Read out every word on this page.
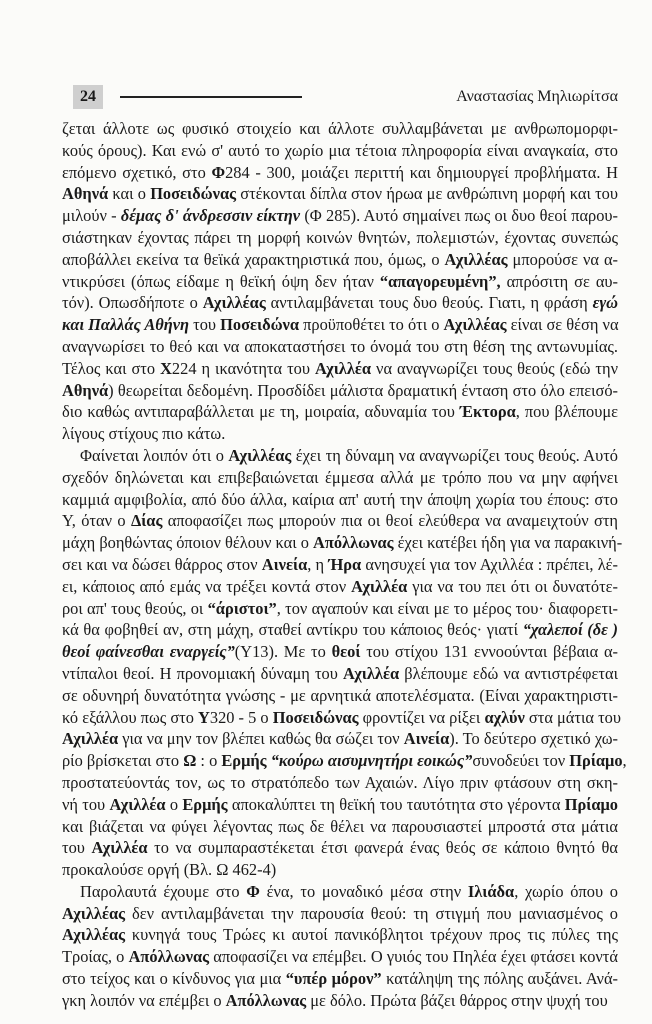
24	Αναστασίας Μηλιωρίτσα
ζεται άλλοτε ως φυσικό στοιχείο και άλλοτε συλλαμβάνεται με ανθρωπομορφι-
κούς όρους). Και ενώ σ' αυτό το χωρίο μια τέτοια πληροφορία είναι αναγκαία, στο
επόμενο σχετικό, στο Φ284 - 300, μοιάζει περιττή και δημιουργεί προβλήματα. Η
Αθηνά και ο Ποσειδώνας στέκονται δίπλα στον ήρωα με ανθρώπινη μορφή και του
μιλούν - δέμας δ' άνδρεσσιν είκτην (Φ 285). Αυτό σημαίνει πως οι δυο θεοί παρου-
σιάστηκαν έχοντας πάρει τη μορφή κοινών θνητών, πολεμιστών, έχοντας συνεπώς
αποβάλλει εκείνα τα θεϊκά χαρακτηριστικά που, όμως, ο Αχιλλέας μπορούσε να α-
ντικρύσει (όπως είδαμε η θεϊκή όψη δεν ήταν “απαγορευμένη”, απρόσιτη σε αυ-
τόν). Οπωσδήποτε ο Αχιλλέας αντιλαμβάνεται τους δυο θεούς. Γιατι, η φράση εγώ
και Παλλάς Αθήνη του Ποσειδώνα προϋποθέτει το ότι ο Αχιλλέας είναι σε θέση να
αναγνωρίσει το θεό και να αποκαταστήσει το όνομά του στη θέση της αντωνυμίας.
Τέλος και στο Χ224 η ικανότητα του Αχιλλέα να αναγνωρίζει τους θεούς (εδώ την
Αθηνά) θεωρείται δεδομένη. Προσδίδει μάλιστα δραματική ένταση στο όλο επεισό-
διο καθώς αντιπαραβάλλεται με τη, μοιραία, αδυναμία του Έκτορα, που βλέπουμε
λίγους στίχους πιο κάτω.
Φαίνεται λοιπόν ότι ο Αχιλλέας έχει τη δύναμη να αναγνωρίζει τους θεούς. Αυτό
σχεδόν δηλώνεται και επιβεβαιώνεται έμμεσα αλλά με τρόπο που να μην αφήνει
καμμιά αμφιβολία, από δύο άλλα, καίρια απ' αυτή την άποψη χωρία του έπους: στο
Υ, όταν ο Δίας αποφασίζει πως μπορούν πια οι θεοί ελεύθερα να αναμειχτούν στη
μάχη βοηθώντας όποιον θέλουν και ο Απόλλωνας έχει κατέβει ήδη για να παρακινή-
σει και να δώσει θάρρος στον Αινεία, η Ήρα ανησυχεί για τον Αχιλλέα : πρέπει, λέ-
ει, κάποιος από εμάς να τρέξει κοντά στον Αχιλλέα για να του πει ότι οι δυνατότε-
ροι απ' τους θεούς, οι “άριστοι”, τον αγαπούν και είναι με το μέρος του· διαφορετι-
κά θα φοβηθεί αν, στη μάχη, σταθεί αντίκρυ του κάποιος θεός· γιατί “χαλεποί (δε )
θεοί φαίνεσθαι εναργείς”(Υ13). Με το θεοί του στίχου 131 εννοούνται βέβαια α-
ντίπαλοι θεοί. Η προνομιακή δύναμη του Αχιλλέα βλέπουμε εδώ να αντιστρέφεται
σε οδυνηρή δυνατότητα γνώσης - με αρνητικά αποτελέσματα. (Είναι χαρακτηριστι-
κό εξάλλου πως στο Υ320 - 5 ο Ποσειδώνας φροντίζει να ρίξει αχλύν στα μάτια του
Αχιλλέα για να μην τον βλέπει καθώς θα σώζει τον Αινεία). Το δεύτερο σχετικό χω-
ρίο βρίσκεται στο Ω : ο Ερμής “κούρω αισυμνητήρι εοικώς”συνοδεύει τον Πρίαμο,
προστατεύοντάς τον, ως το στρατόπεδο των Αχαιών. Λίγο πριν φτάσουν στη σκη-
νή του Αχιλλέα ο Ερμής αποκαλύπτει τη θεϊκή του ταυτότητα στο γέροντα Πρίαμο
και βιάζεται να φύγει λέγοντας πως δε θέλει να παρουσιαστεί μπροστά στα μάτια
του Αχιλλέα το να συμπαραστέκεται έτσι φανερά ένας θεός σε κάποιο θνητό θα
προκαλούσε οργή (Βλ. Ω 462-4)
Παρολαυτά έχουμε στο Φ ένα, το μοναδικό μέσα στην Ιλιάδα, χωρίο όπου ο
Αχιλλέας δεν αντιλαμβάνεται την παρουσία θεού: τη στιγμή που μανιασμένος ο
Αχιλλέας κυνηγά τους Τρώες κι αυτοί πανικόβλητοι τρέχουν προς τις πύλες της
Τροίας, ο Απόλλωνας αποφασίζει να επέμβει. Ο γυιός του Πηλέα έχει φτάσει κοντά
στο τείχος και ο κίνδυνος για μια “υπέρ μόρον” κατάληψη της πόλης αυξάνει. Ανά-
γκη λοιπόν να επέμβει ο Απόλλωνας με δόλο. Πρώτα βάζει θάρρος στην ψυχή του
